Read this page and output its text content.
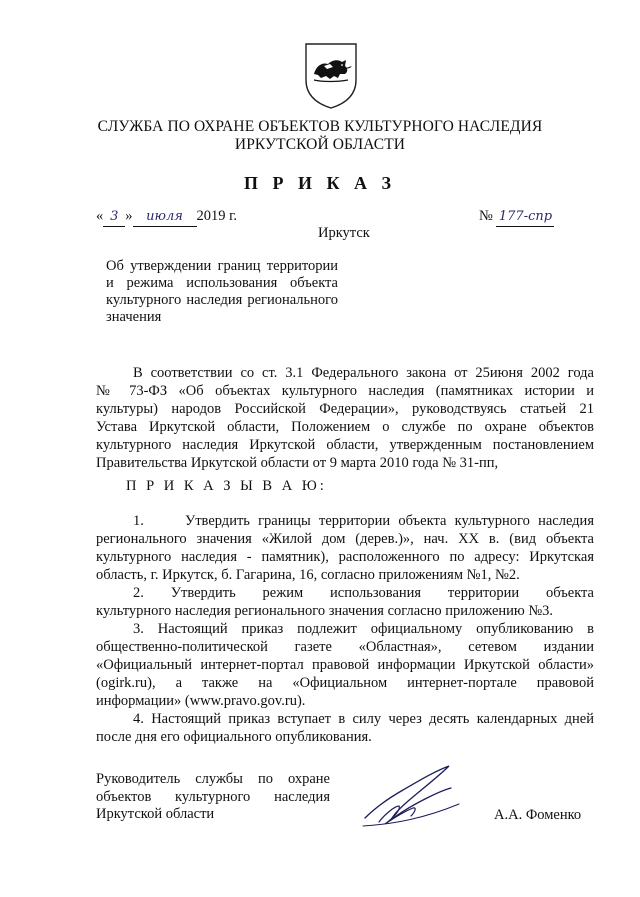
СЛУЖБА ПО ОХРАНЕ ОБЪЕКТОВ КУЛЬТУРНОГО НАСЛЕДИЯ
ИРКУТСКОЙ ОБЛАСТИ
П Р И К А З
« 3 » июля 2019 г.	№ 177-спр
Иркутск
Об утверждении границ территории
и режима использования объекта
культурного наследия регионального
значения
В соответствии со ст. 3.1 Федерального закона от 25июня 2002 года
№ 73-ФЗ «Об объектах культурного наследия (памятниках истории и
культуры) народов Российской Федерации», руководствуясь статьей 21
Устава Иркутской области, Положением о службе по охране объектов
культурного наследия Иркутской области, утвержденным постановлением
Правительства Иркутской области от 9 марта 2010 года № 31-пп,
П Р И К А З Ы В А Ю:
1.     Утвердить границы территории объекта культурного наследия
регионального значения «Жилой дом (дерев.)», нач. XX в. (вид объекта
культурного наследия - памятник), расположенного по адресу: Иркутская
область, г. Иркутск, б. Гагарина, 16, согласно приложениям №1, №2.
2. Утвердить режим использования территории объекта
культурного наследия регионального значения согласно приложению №3.
3. Настоящий приказ подлежит официальному опубликованию в
общественно-политической газете «Областная», сетевом издании
«Официальный интернет-портал правовой информации Иркутской области»
(ogirk.ru), а также на «Официальном интернет-портале правовой
информации» (www.pravo.gov.ru).
4. Настоящий приказ вступает в силу через десять календарных дней
после дня его официального опубликования.
Руководитель службы по охране
объектов культурного наследия
Иркутской области	А.А. Фоменко
